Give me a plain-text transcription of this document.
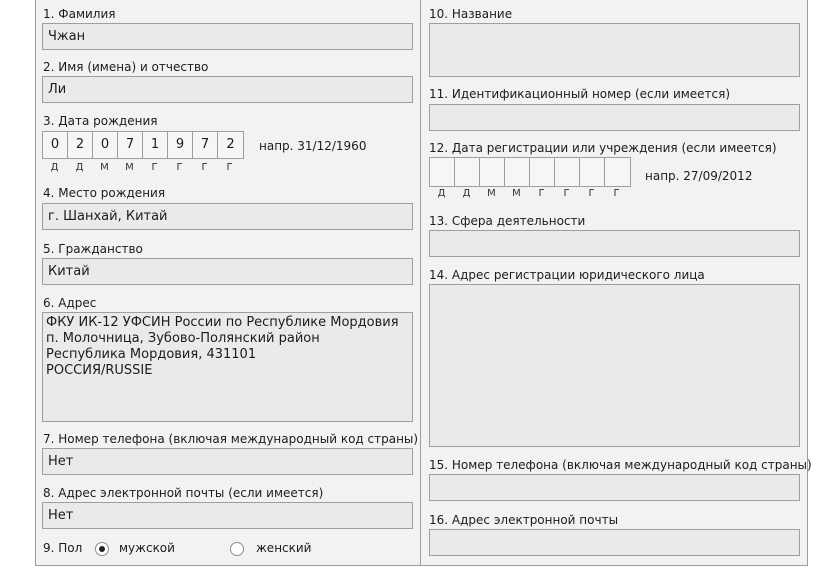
1. Фамилия
Чжан
2. Имя (имена) и отчество
Ли
3. Дата рождения
0	2	0	7	1	9	7	2
Д	Д	М	М	Г	Г	Г	Г
напр. 31/12/1960
4. Место рождения
г. Шанхай, Китай
5. Гражданство
Китай
6. Адрес
ФКУ ИК-12 УФСИН России по Республике Мордовия
п. Молочница, Зубово-Полянский район
Республика Мордовия, 431101
РОССИЯ/RUSSIE
7. Номер телефона (включая международный код страны)
Нет
8. Адрес электронной почты (если имеется)
Нет
9. Пол	мужской	женский
10. Название
11. Идентификационный номер (если имеется)
12. Дата регистрации или учреждения (если имеется)
Д	Д	М	М	Г	Г	Г	Г
напр. 27/09/2012
13. Сфера деятельности
14. Адрес регистрации юридического лица
15. Номер телефона (включая международный код страны)
16. Адрес электронной почты
